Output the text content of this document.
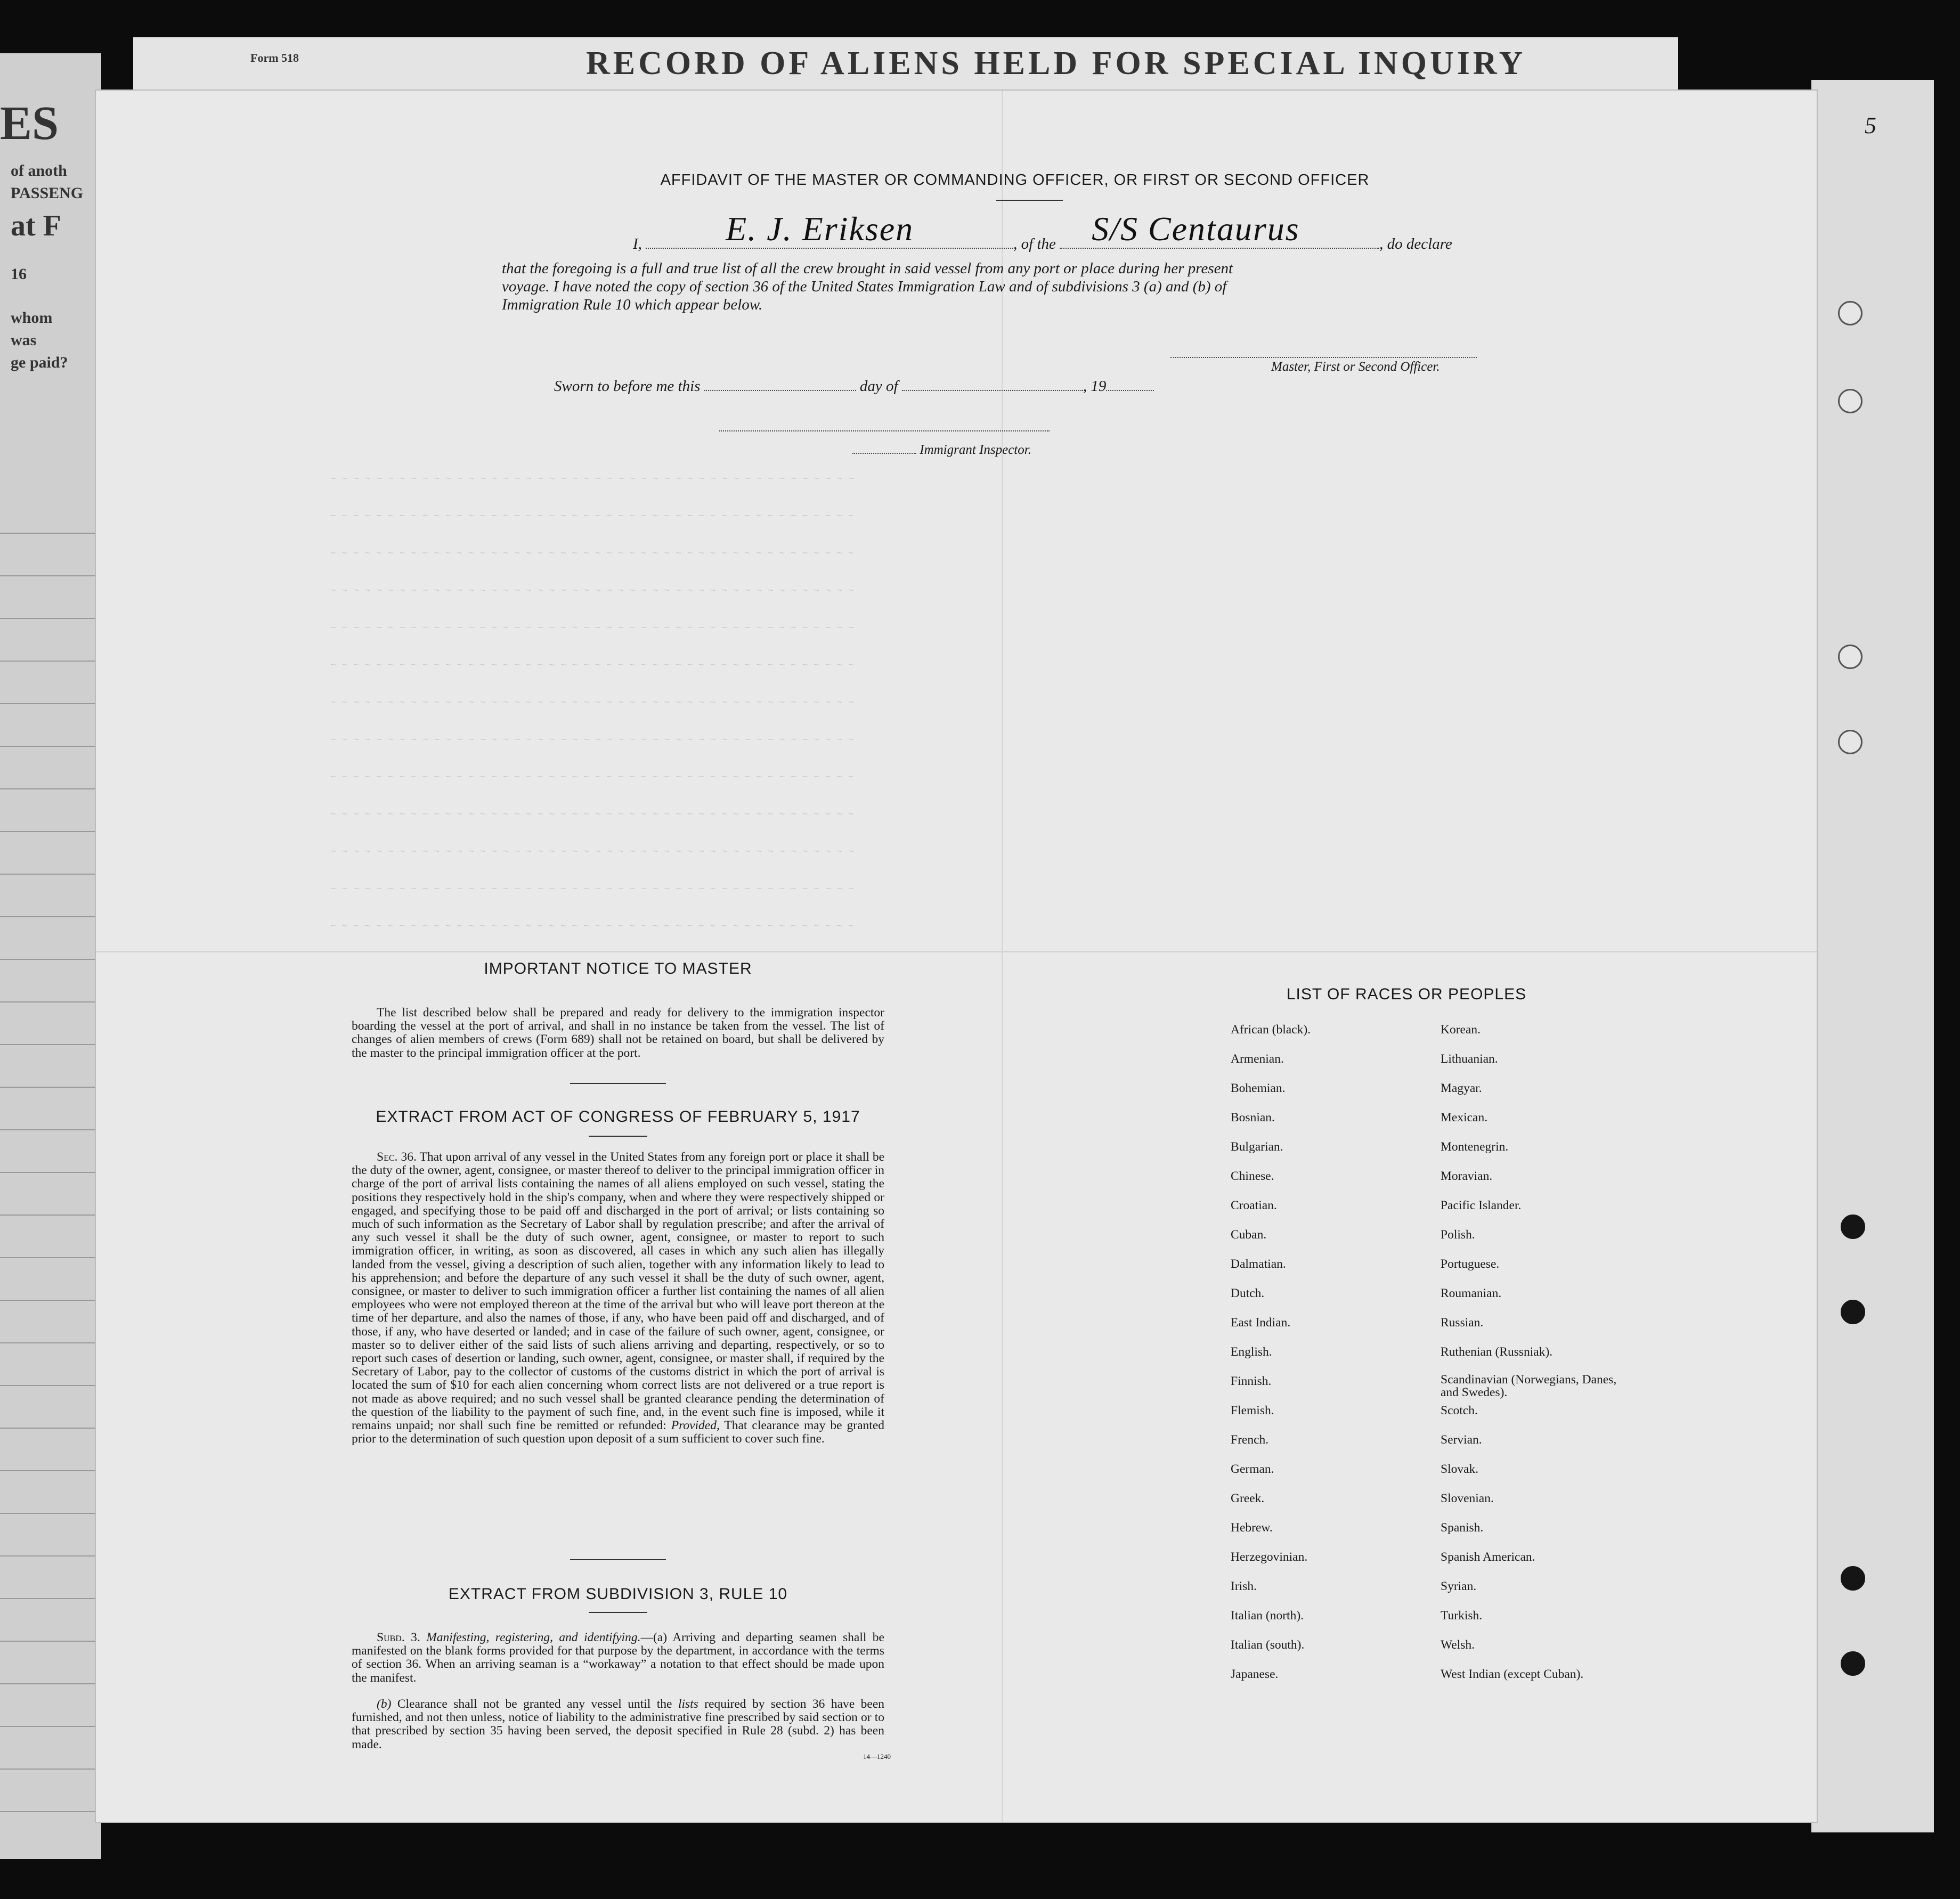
RECORD OF ALIENS HELD FOR SPECIAL INQUIRY
Form 518
ES
of anoth
PASSENG
at F
16
whom
was
ge paid?
~ ~ ~ ~ ~ ~ ~ ~ ~ ~ ~ ~ ~ ~ ~ ~ ~ ~ ~ ~ ~ ~ ~ ~ ~ ~ ~ ~ ~ ~ ~ ~ ~ ~ ~ ~ ~ ~ ~ ~ ~ ~ ~ ~ ~ ~
~ ~ ~ ~ ~ ~ ~ ~ ~ ~ ~ ~ ~ ~ ~ ~ ~ ~ ~ ~ ~ ~ ~ ~ ~ ~ ~ ~ ~ ~ ~ ~ ~ ~ ~ ~ ~ ~ ~ ~ ~ ~ ~ ~ ~ ~
~ ~ ~ ~ ~ ~ ~ ~ ~ ~ ~ ~ ~ ~ ~ ~ ~ ~ ~ ~ ~ ~ ~ ~ ~ ~ ~ ~ ~ ~ ~ ~ ~ ~ ~ ~ ~ ~ ~ ~ ~ ~ ~ ~ ~ ~
~ ~ ~ ~ ~ ~ ~ ~ ~ ~ ~ ~ ~ ~ ~ ~ ~ ~ ~ ~ ~ ~ ~ ~ ~ ~ ~ ~ ~ ~ ~ ~ ~ ~ ~ ~ ~ ~ ~ ~ ~ ~ ~ ~ ~ ~
~ ~ ~ ~ ~ ~ ~ ~ ~ ~ ~ ~ ~ ~ ~ ~ ~ ~ ~ ~ ~ ~ ~ ~ ~ ~ ~ ~ ~ ~ ~ ~ ~ ~ ~ ~ ~ ~ ~ ~ ~ ~ ~ ~ ~ ~
~ ~ ~ ~ ~ ~ ~ ~ ~ ~ ~ ~ ~ ~ ~ ~ ~ ~ ~ ~ ~ ~ ~ ~ ~ ~ ~ ~ ~ ~ ~ ~ ~ ~ ~ ~ ~ ~ ~ ~ ~ ~ ~ ~ ~ ~
~ ~ ~ ~ ~ ~ ~ ~ ~ ~ ~ ~ ~ ~ ~ ~ ~ ~ ~ ~ ~ ~ ~ ~ ~ ~ ~ ~ ~ ~ ~ ~ ~ ~ ~ ~ ~ ~ ~ ~ ~ ~ ~ ~ ~ ~
~ ~ ~ ~ ~ ~ ~ ~ ~ ~ ~ ~ ~ ~ ~ ~ ~ ~ ~ ~ ~ ~ ~ ~ ~ ~ ~ ~ ~ ~ ~ ~ ~ ~ ~ ~ ~ ~ ~ ~ ~ ~ ~ ~ ~ ~
~ ~ ~ ~ ~ ~ ~ ~ ~ ~ ~ ~ ~ ~ ~ ~ ~ ~ ~ ~ ~ ~ ~ ~ ~ ~ ~ ~ ~ ~ ~ ~ ~ ~ ~ ~ ~ ~ ~ ~ ~ ~ ~ ~ ~ ~
~ ~ ~ ~ ~ ~ ~ ~ ~ ~ ~ ~ ~ ~ ~ ~ ~ ~ ~ ~ ~ ~ ~ ~ ~ ~ ~ ~ ~ ~ ~ ~ ~ ~ ~ ~ ~ ~ ~ ~ ~ ~ ~ ~ ~ ~
~ ~ ~ ~ ~ ~ ~ ~ ~ ~ ~ ~ ~ ~ ~ ~ ~ ~ ~ ~ ~ ~ ~ ~ ~ ~ ~ ~ ~ ~ ~ ~ ~ ~ ~ ~ ~ ~ ~ ~ ~ ~ ~ ~ ~ ~
~ ~ ~ ~ ~ ~ ~ ~ ~ ~ ~ ~ ~ ~ ~ ~ ~ ~ ~ ~ ~ ~ ~ ~ ~ ~ ~ ~ ~ ~ ~ ~ ~ ~ ~ ~ ~ ~ ~ ~ ~ ~ ~ ~ ~ ~
~ ~ ~ ~ ~ ~ ~ ~ ~ ~ ~ ~ ~ ~ ~ ~ ~ ~ ~ ~ ~ ~ ~ ~ ~ ~ ~ ~ ~ ~ ~ ~ ~ ~ ~ ~ ~ ~ ~ ~ ~ ~ ~ ~ ~ ~
5
AFFIDAVIT OF THE MASTER OR COMMANDING OFFICER, OR FIRST OR SECOND OFFICER
I, E. J. Eriksen	, of the S/S Centaurus	, do declare
that the foregoing is a full and true list of all the crew brought in said vessel from any port or place during her present
voyage. I have noted the copy of section 36 of the United States Immigration Law and of subdivisions 3 (a) and (b) of
Immigration Rule 10 which appear below.
Master, First or Second Officer.
Sworn to before me this	day of	, 19
Immigrant Inspector.
IMPORTANT NOTICE TO MASTER
The list described below shall be prepared and ready for delivery to the immigration inspector boarding the vessel at the port of arrival, and shall in no instance be taken from the vessel. The list of changes of alien members of crews (Form 689) shall not be retained on board, but shall be delivered by the master to the principal immigration officer at the port.
EXTRACT FROM ACT OF CONGRESS OF FEBRUARY 5, 1917
Sec. 36. That upon arrival of any vessel in the United States from any foreign port or place it shall be the duty of the owner, agent, consignee, or master thereof to deliver to the principal immigration officer in charge of the port of arrival lists containing the names of all aliens employed on such vessel, stating the positions they respectively hold in the ship's company, when and where they were respectively shipped or engaged, and specifying those to be paid off and discharged in the port of arrival; or lists containing so much of such information as the Secretary of Labor shall by regulation prescribe; and after the arrival of any such vessel it shall be the duty of such owner, agent, consignee, or master to report to such immigration officer, in writing, as soon as discovered, all cases in which any such alien has illegally landed from the vessel, giving a description of such alien, together with any information likely to lead to his apprehension; and before the departure of any such vessel it shall be the duty of such owner, agent, consignee, or master to deliver to such immigration officer a further list containing the names of all alien employees who were not employed thereon at the time of the arrival but who will leave port thereon at the time of her departure, and also the names of those, if any, who have been paid off and discharged, and of those, if any, who have deserted or landed; and in case of the failure of such owner, agent, consignee, or master so to deliver either of the said lists of such aliens arriving and departing, respectively, or so to report such cases of desertion or landing, such owner, agent, consignee, or master shall, if required by the Secretary of Labor, pay to the collector of customs of the customs district in which the port of arrival is located the sum of $10 for each alien concerning whom correct lists are not delivered or a true report is not made as above required; and no such vessel shall be granted clearance pending the determination of the question of the liability to the payment of such fine, and, in the event such fine is imposed, while it remains unpaid; nor shall such fine be remitted or refunded: Provided, That clearance may be granted prior to the determination of such question upon deposit of a sum sufficient to cover such fine.
EXTRACT FROM SUBDIVISION 3, RULE 10
Subd. 3. Manifesting, registering, and identifying.—(a) Arriving and departing seamen shall be manifested on the blank forms provided for that purpose by the department, in accordance with the terms of section 36. When an arriving seaman is a “workaway” a notation to that effect should be made upon the manifest.
(b) Clearance shall not be granted any vessel until the lists required by section 36 have been furnished, and not then unless, notice of liability to the administrative fine prescribed by said section or to that prescribed by section 35 having been served, the deposit specified in Rule 28 (subd. 2) has been made.
14—1240
LIST OF RACES OR PEOPLES
African (black).
Armenian.
Bohemian.
Bosnian.
Bulgarian.
Chinese.
Croatian.
Cuban.
Dalmatian.
Dutch.
East Indian.
English.
Finnish.
Flemish.
French.
German.
Greek.
Hebrew.
Herzegovinian.
Irish.
Italian (north).
Italian (south).
Japanese.
Korean.
Lithuanian.
Magyar.
Mexican.
Montenegrin.
Moravian.
Pacific Islander.
Polish.
Portuguese.
Roumanian.
Russian.
Ruthenian (Russniak).
Scandinavian (Norwegians, Danes, and Swedes).
Scotch.
Servian.
Slovak.
Slovenian.
Spanish.
Spanish American.
Syrian.
Turkish.
Welsh.
West Indian (except Cuban).
